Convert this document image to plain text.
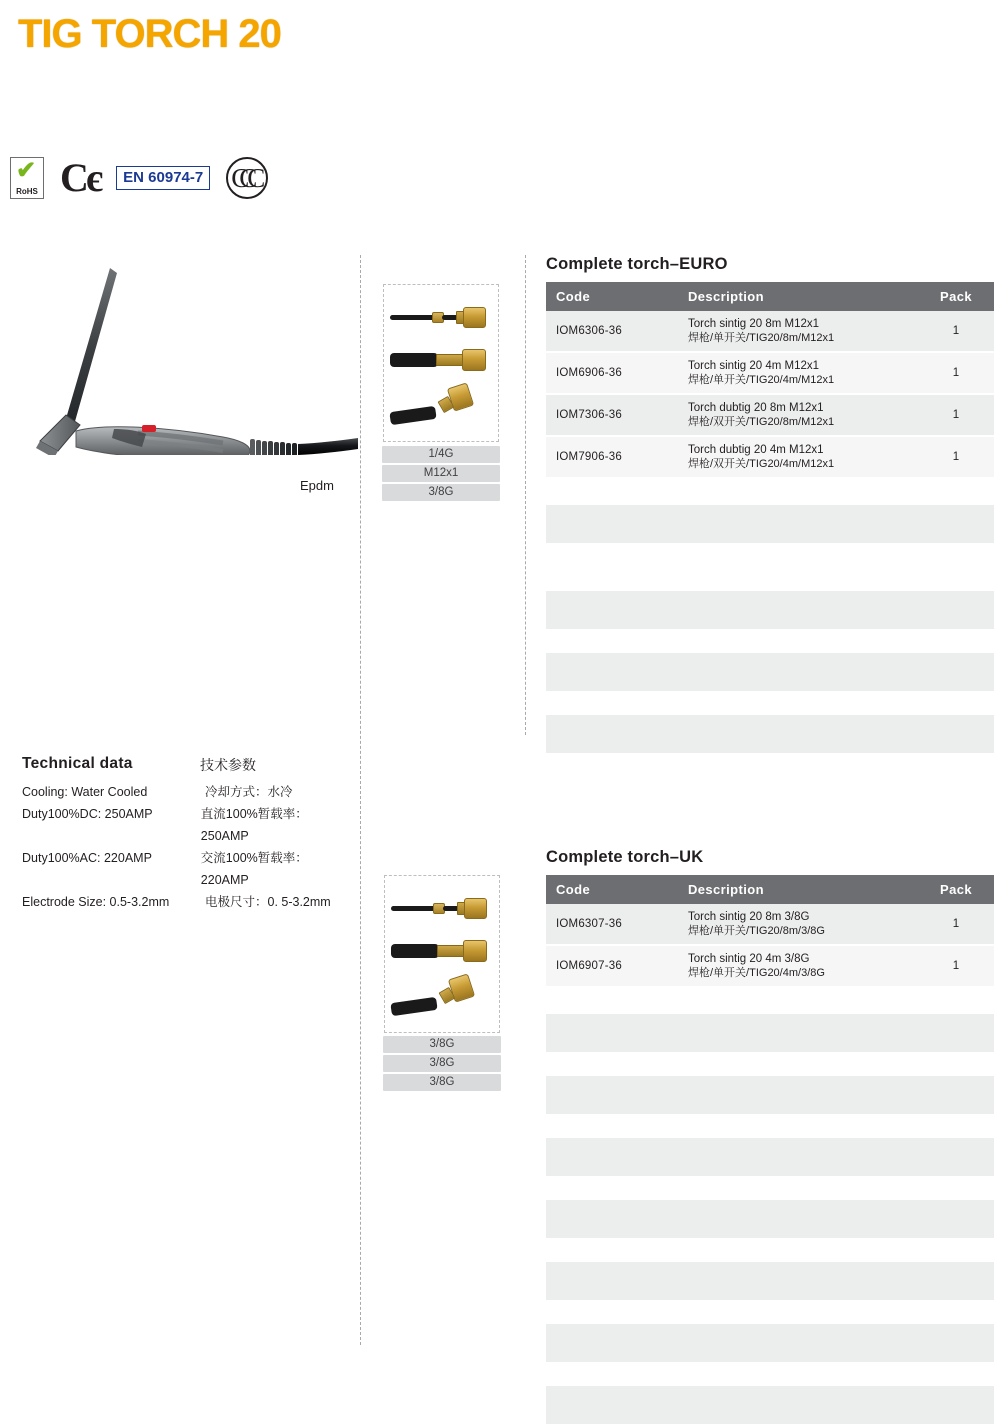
TIG TORCH 20
✔
RoHS Cє	EN 60974-7 CCC
Epdm
1/4G
M12x1
3/8G
3/8G
3/8G
3/8G
Technical data
Cooling: Water Cooled	冷却方式：水冷
Duty100%DC: 250AMP	直流100%暂载率：250AMP
Duty100%AC: 220AMP	交流100%暂载率：220AMP
Electrode Size: 0.5-3.2mm	电极尺寸：0. 5-3.2mm
技术参数
Complete torch–EURO
Code	Description	Pack
IOM6306-36	Torch sintig 20 8m M12x1
焊枪/单开关/TIG20/8m/M12x1	1
IOM6906-36	Torch sintig 20 4m M12x1
焊枪/单开关/TIG20/4m/M12x1	1
IOM7306-36	Torch dubtig 20 8m M12x1
焊枪/双开关/TIG20/8m/M12x1	1
IOM7906-36	Torch dubtig 20 4m M12x1
焊枪/双开关/TIG20/4m/M12x1	1
Complete torch–UK
Code	Description	Pack
IOM6307-36	Torch sintig 20 8m 3/8G
焊枪/单开关/TIG20/8m/3/8G	1
IOM6907-36	Torch sintig 20 4m 3/8G
焊枪/单开关/TIG20/4m/3/8G	1
